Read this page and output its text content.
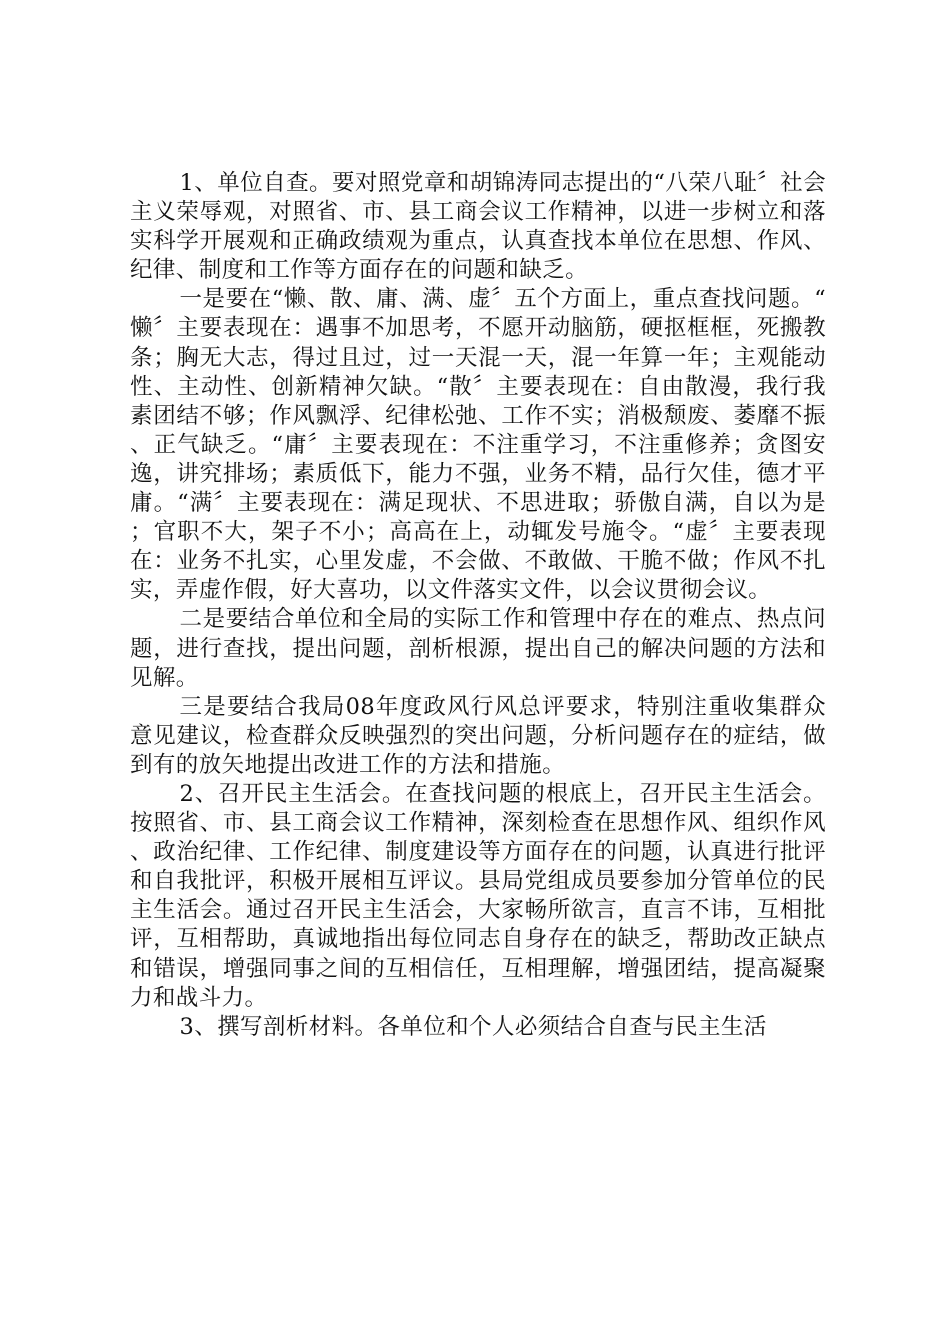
1、单位自查。要对照党章和胡锦涛同志提出的“八荣八耻〞社会主义荣辱观，对照省、市、县工商会议工作精神，以进一步树立和落实科学开展观和正确政绩观为重点，认真查找本单位在思想、作风、纪律、制度和工作等方面存在的问题和缺乏。

一是要在“懒、散、庸、满、虚〞五个方面上，重点查找问题。“懒〞主要表现在：遇事不加思考，不愿开动脑筋，硬抠框框，死搬教条；胸无大志，得过且过，过一天混一天，混一年算一年；主观能动性、主动性、创新精神欠缺。“散〞主要表现在：自由散漫，我行我素团结不够；作风飘浮、纪律松弛、工作不实；消极颓废、萎靡不振、正气缺乏。“庸〞主要表现在：不注重学习，不注重修养；贪图安逸，讲究排场；素质低下，能力不强，业务不精，品行欠佳，德才平庸。“满〞主要表现在：满足现状、不思进取；骄傲自满，自以为是；官职不大，架子不小；高高在上，动辄发号施令。“虚〞主要表现在：业务不扎实，心里发虚，不会做、不敢做、干脆不做；作风不扎实，弄虚作假，好大喜功，以文件落实文件，以会议贯彻会议。

二是要结合单位和全局的实际工作和管理中存在的难点、热点问题，进行查找，提出问题，剖析根源，提出自己的解决问题的方法和见解。

三是要结合我局08年度政风行风总评要求，特别注重收集群众意见建议，检查群众反映强烈的突出问题，分析问题存在的症结，做到有的放矢地提出改进工作的方法和措施。

2、召开民主生活会。在查找问题的根底上，召开民主生活会。按照省、市、县工商会议工作精神，深刻检查在思想作风、组织作风、政治纪律、工作纪律、制度建设等方面存在的问题，认真进行批评和自我批评，积极开展相互评议。县局党组成员要参加分管单位的民主生活会。通过召开民主生活会，大家畅所欲言，直言不讳，互相批评，互相帮助，真诚地指出每位同志自身存在的缺乏，帮助改正缺点和错误，增强同事之间的互相信任，互相理解，增强团结，提高凝聚力和战斗力。

3、撰写剖析材料。各单位和个人必须结合自查与民主生活
